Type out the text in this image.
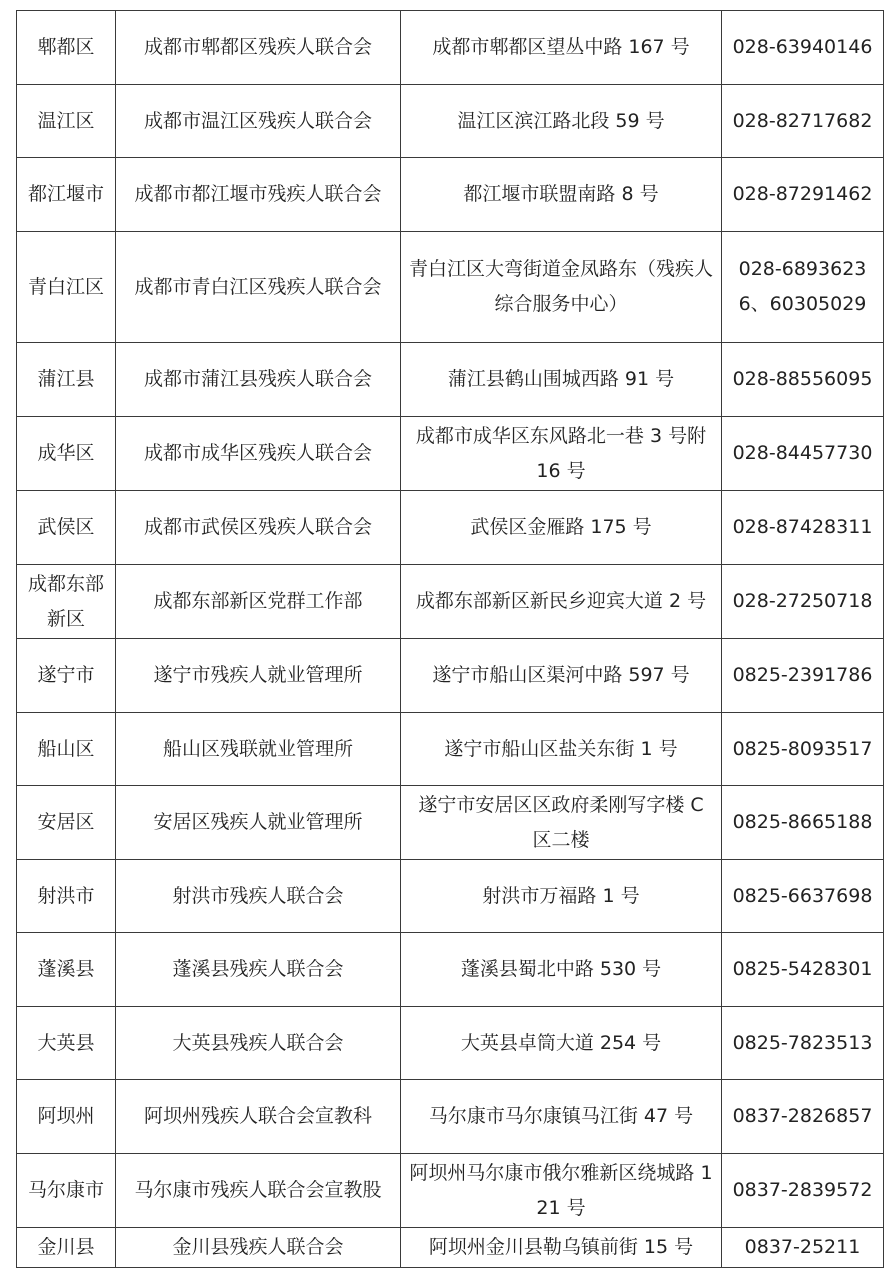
郫都区	成都市郫都区残疾人联合会	成都市郫都区望丛中路 167 号	028-63940146

温江区	成都市温江区残疾人联合会	温江区滨江路北段 59 号	028-82717682

都江堰市	成都市都江堰市残疾人联合会	都江堰市联盟南路 8 号	028-87291462

青白江区	成都市青白江区残疾人联合会	青白江区大弯街道金凤路东（残疾人综合服务中心）	028-68936236、60305029

蒲江县	成都市蒲江县残疾人联合会	蒲江县鹤山围城西路 91 号	028-88556095

成华区	成都市成华区残疾人联合会	成都市成华区东风路北一巷 3 号附 16 号	028-84457730

武侯区	成都市武侯区残疾人联合会	武侯区金雁路 175 号	028-87428311

成都东部新区	成都东部新区党群工作部	成都东部新区新民乡迎宾大道 2 号	028-27250718

遂宁市	遂宁市残疾人就业管理所	遂宁市船山区渠河中路 597 号	0825-2391786

船山区	船山区残联就业管理所	遂宁市船山区盐关东街 1 号	0825-8093517

安居区	安居区残疾人就业管理所	遂宁市安居区区政府柔刚写字楼 C 区二楼	0825-8665188

射洪市	射洪市残疾人联合会	射洪市万福路 1 号	0825-6637698

蓬溪县	蓬溪县残疾人联合会	蓬溪县蜀北中路 530 号	0825-5428301

大英县	大英县残疾人联合会	大英县卓筒大道 254 号	0825-7823513

阿坝州	阿坝州残疾人联合会宣教科	马尔康市马尔康镇马江街 47 号	0837-2826857

马尔康市	马尔康市残疾人联合会宣教股	阿坝州马尔康市俄尔雅新区绕城路 121 号	0837-2839572

金川县	金川县残疾人联合会	阿坝州金川县勒乌镇前街 15 号	0837-25211
